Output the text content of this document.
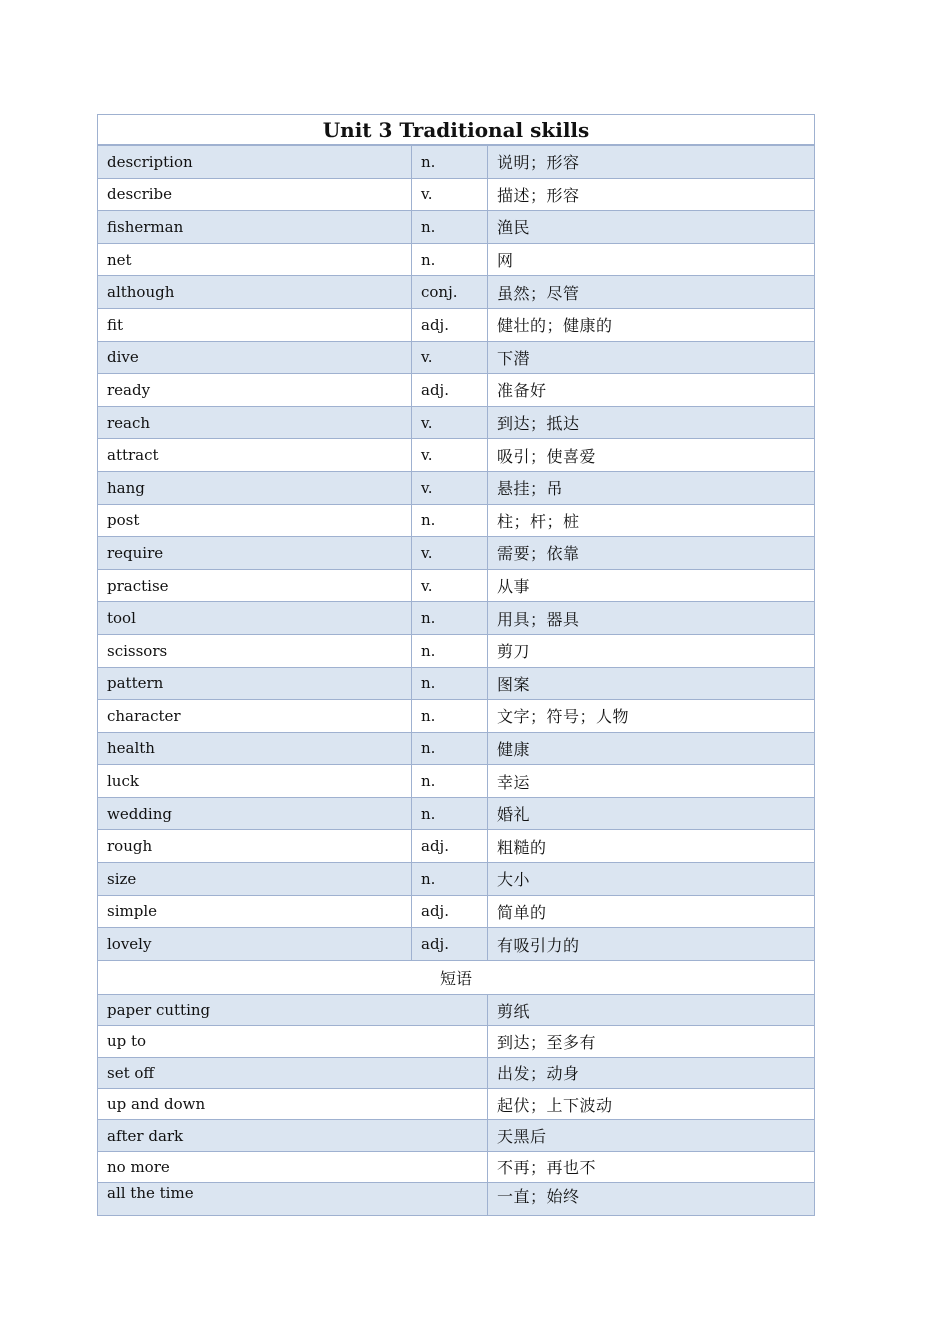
Unit 3 Traditional skills		
description	n.	说明；形容
describe	v.	描述；形容
fisherman	n.	渔民
net	n.	网
although	conj.	虽然；尽管
fit	adj.	健壮的；健康的
dive	v.	下潜
ready	adj.	准备好
reach	v.	到达；抵达
attract	v.	吸引；使喜爱
hang	v.	悬挂；吊
post	n.	柱；杆；桩
require	v.	需要；依靠
practise	v.	从事
tool	n.	用具；器具
scissors	n.	剪刀
pattern	n.	图案
character	n.	文字；符号；人物
health	n.	健康
luck	n.	幸运
wedding	n.	婚礼
rough	adj.	粗糙的
size	n.	大小
simple	adj.	简单的
lovely	adj.	有吸引力的
短语		
paper cutting		剪纸
up to		到达；至多有
set off		出发；动身
up and down		起伏；上下波动
after dark		天黑后
no more		不再；再也不
all the time		一直；始终
